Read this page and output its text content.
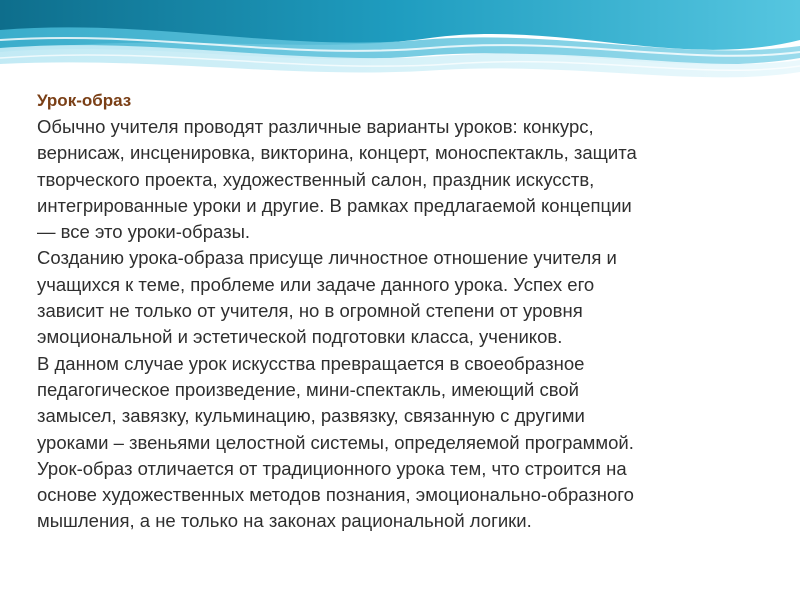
Урок-образ

Обычно учителя проводят различные варианты уроков: конкурс,
вернисаж, инсценировка, викторина, концерт, моноспектакль, защита
творческого проекта, художественный салон, праздник искусств,
интегрированные уроки и другие. В рамках предлагаемой концепции
— все это уроки-образы.

Созданию урока-образа присуще личностное отношение учителя и
учащихся к теме, проблеме или задаче данного урока. Успех его
зависит не только от учителя, но в огромной степени от уровня
эмоциональной и эстетической подготовки класса, учеников.

В данном случае урок искусства превращается в своеобразное
педагогическое произведение, мини-спектакль, имеющий свой
замысел, завязку, кульминацию, развязку, связанную с другими
уроками – звеньями целостной системы, определяемой программой.
Урок-образ отличается от традиционного урока тем, что строится на
основе художественных методов познания, эмоционально-образного
мышления, а не только на законах рациональной логики.
